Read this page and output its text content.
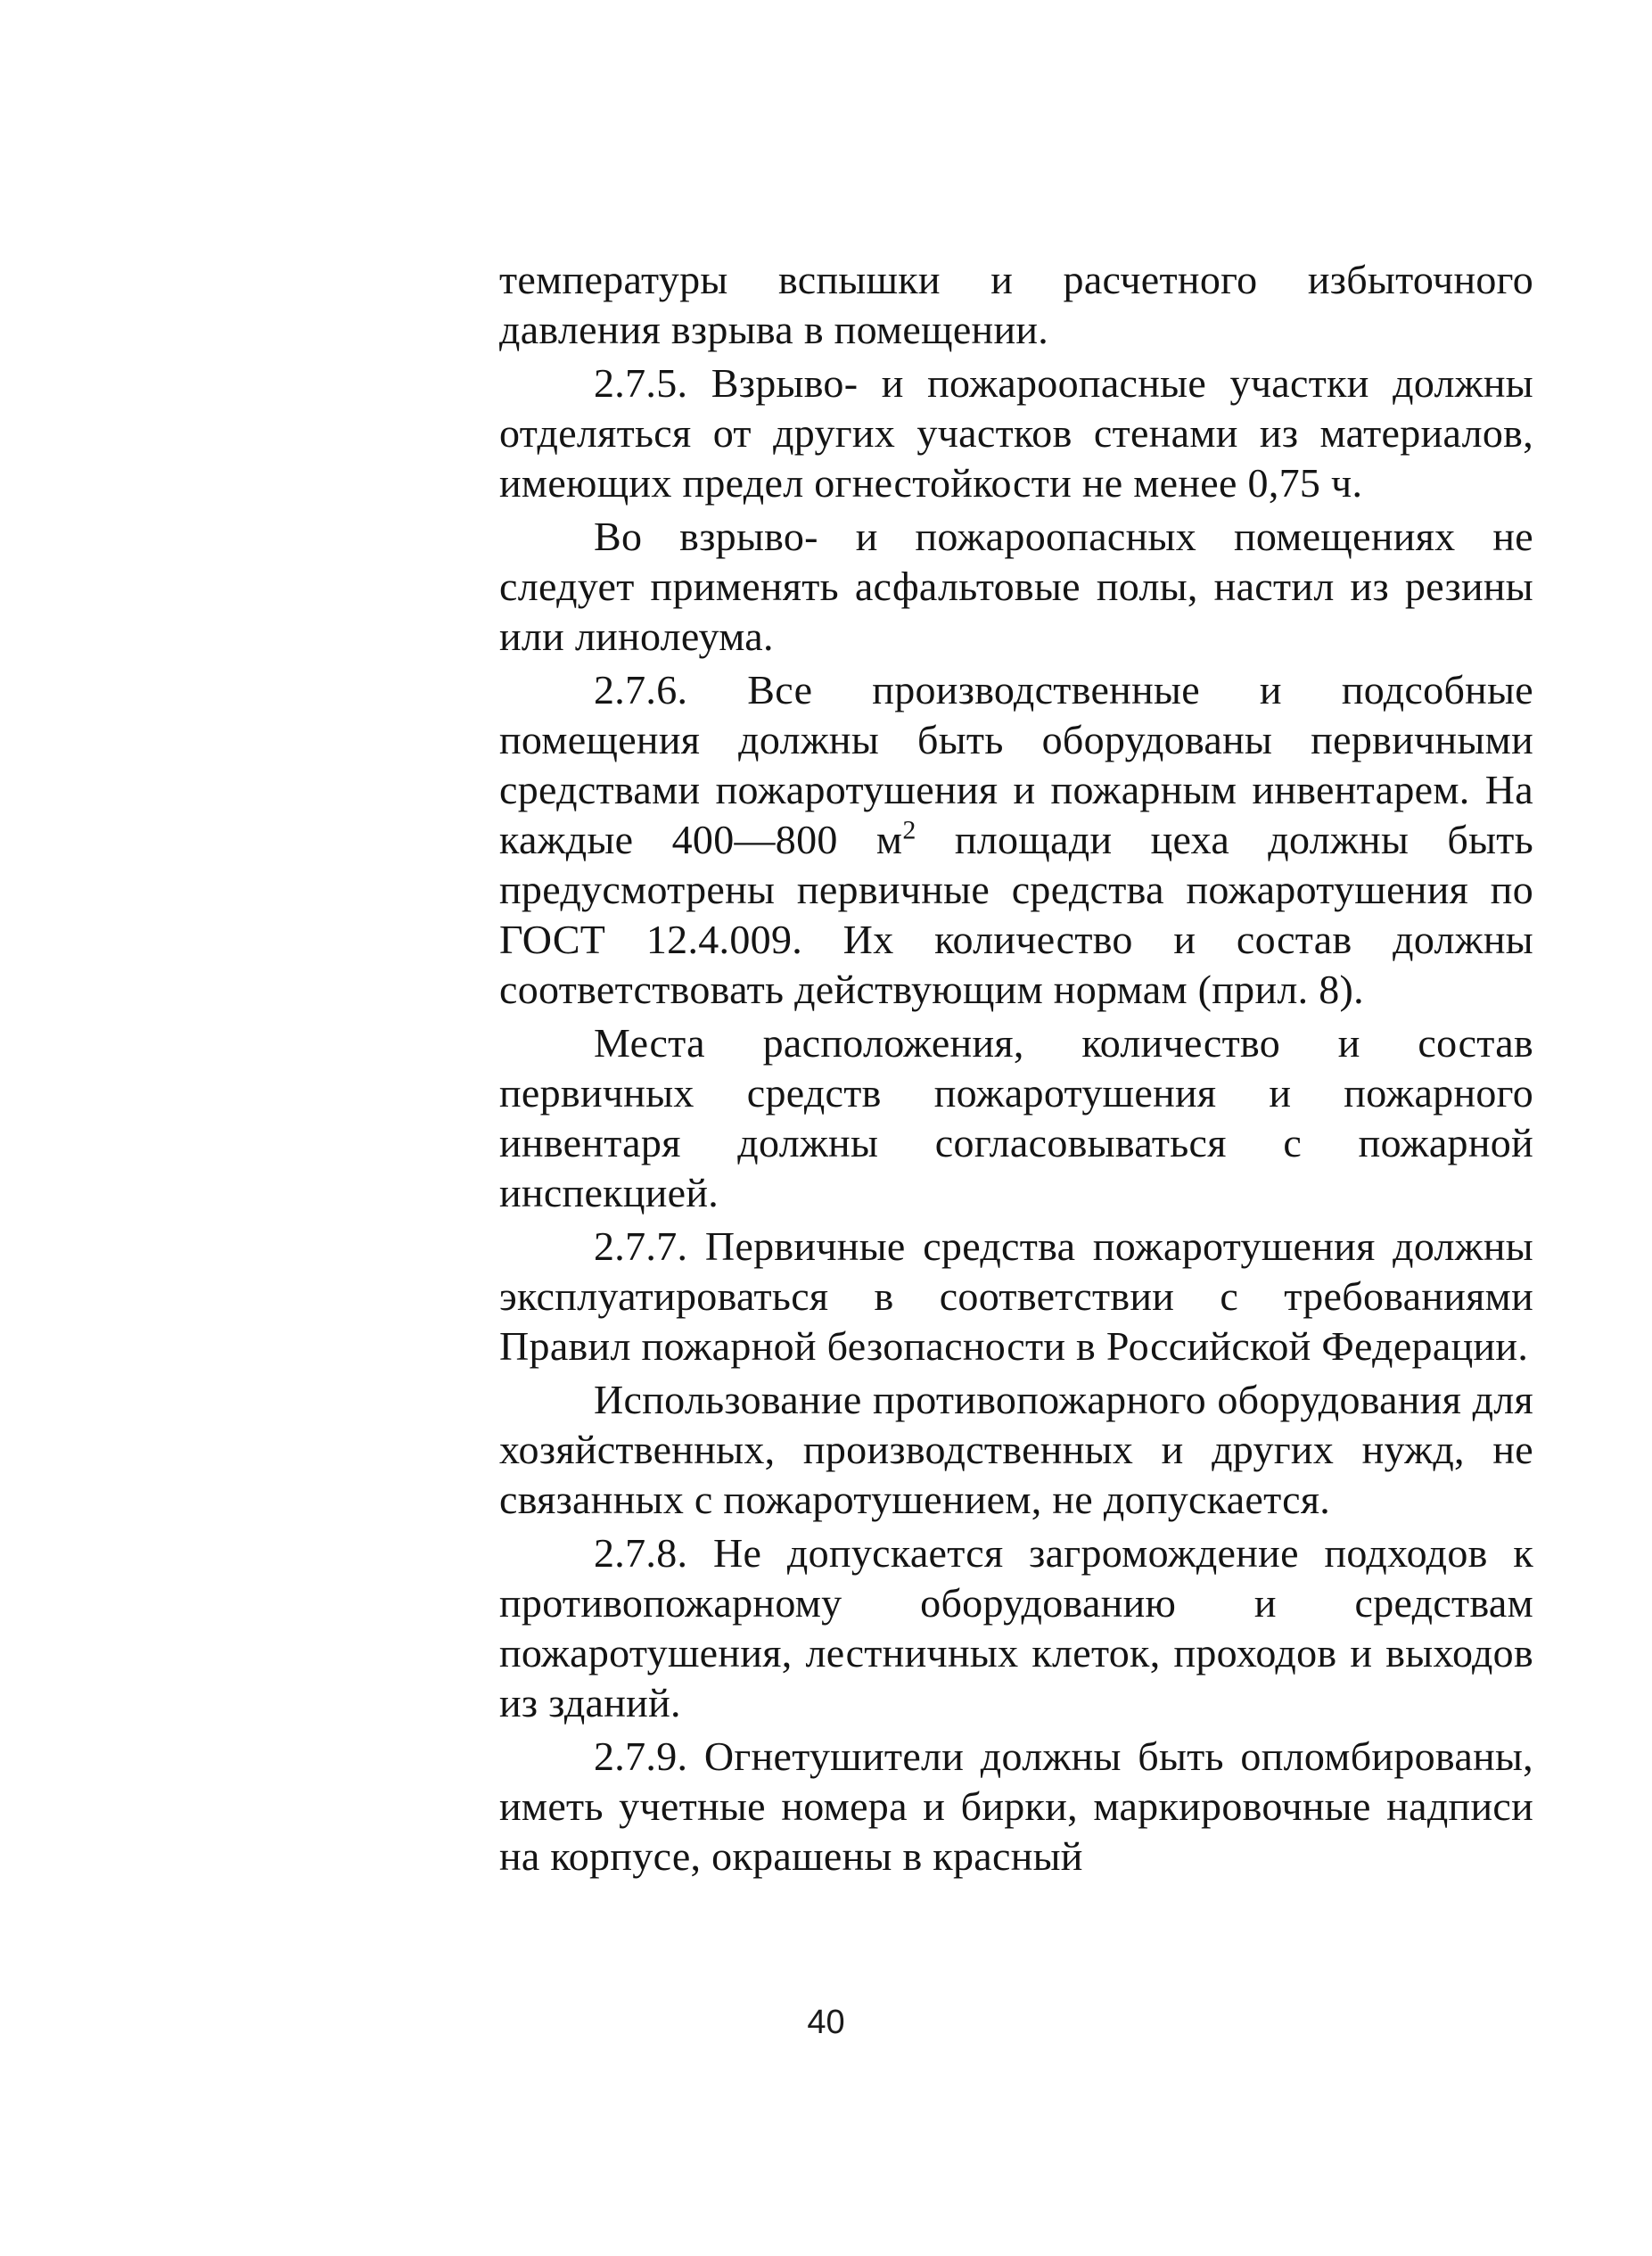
температуры вспышки и расчетного избыточного давления взрыва в помещении.

2.7.5. Взрыво- и пожароопасные участки должны отделяться от других участков стенами из материалов, имеющих предел огнестойкости не менее 0,75 ч.

Во взрыво- и пожароопасных помещениях не следует применять асфальтовые полы, настил из резины или линолеума.

2.7.6. Все производственные и подсобные помещения должны быть оборудованы первичными средствами пожаротушения и пожарным инвентарем. На каждые 400—800 $м^2$ площади цеха должны быть предусмотрены первичные средства пожаротушения по ГОСТ 12.4.009. Их количество и состав должны соответствовать действующим нормам (прил. 8).

Места расположения, количество и состав первичных средств пожаротушения и пожарного инвентаря должны согласовываться с пожарной инспекцией.

2.7.7. Первичные средства пожаротушения должны эксплуатироваться в соответствии с требованиями Правил пожарной безопасности в Российской Федерации.

Использование противопожарного оборудования для хозяйственных, производственных и других нужд, не связанных с пожаротушением, не допускается.

2.7.8. Не допускается загромождение подходов к противопожарному оборудованию и средствам пожаротушения, лестничных клеток, проходов и выходов из зданий.

2.7.9. Огнетушители должны быть опломбированы, иметь учетные номера и бирки, маркировочные надписи на корпусе, окрашены в красный

40
